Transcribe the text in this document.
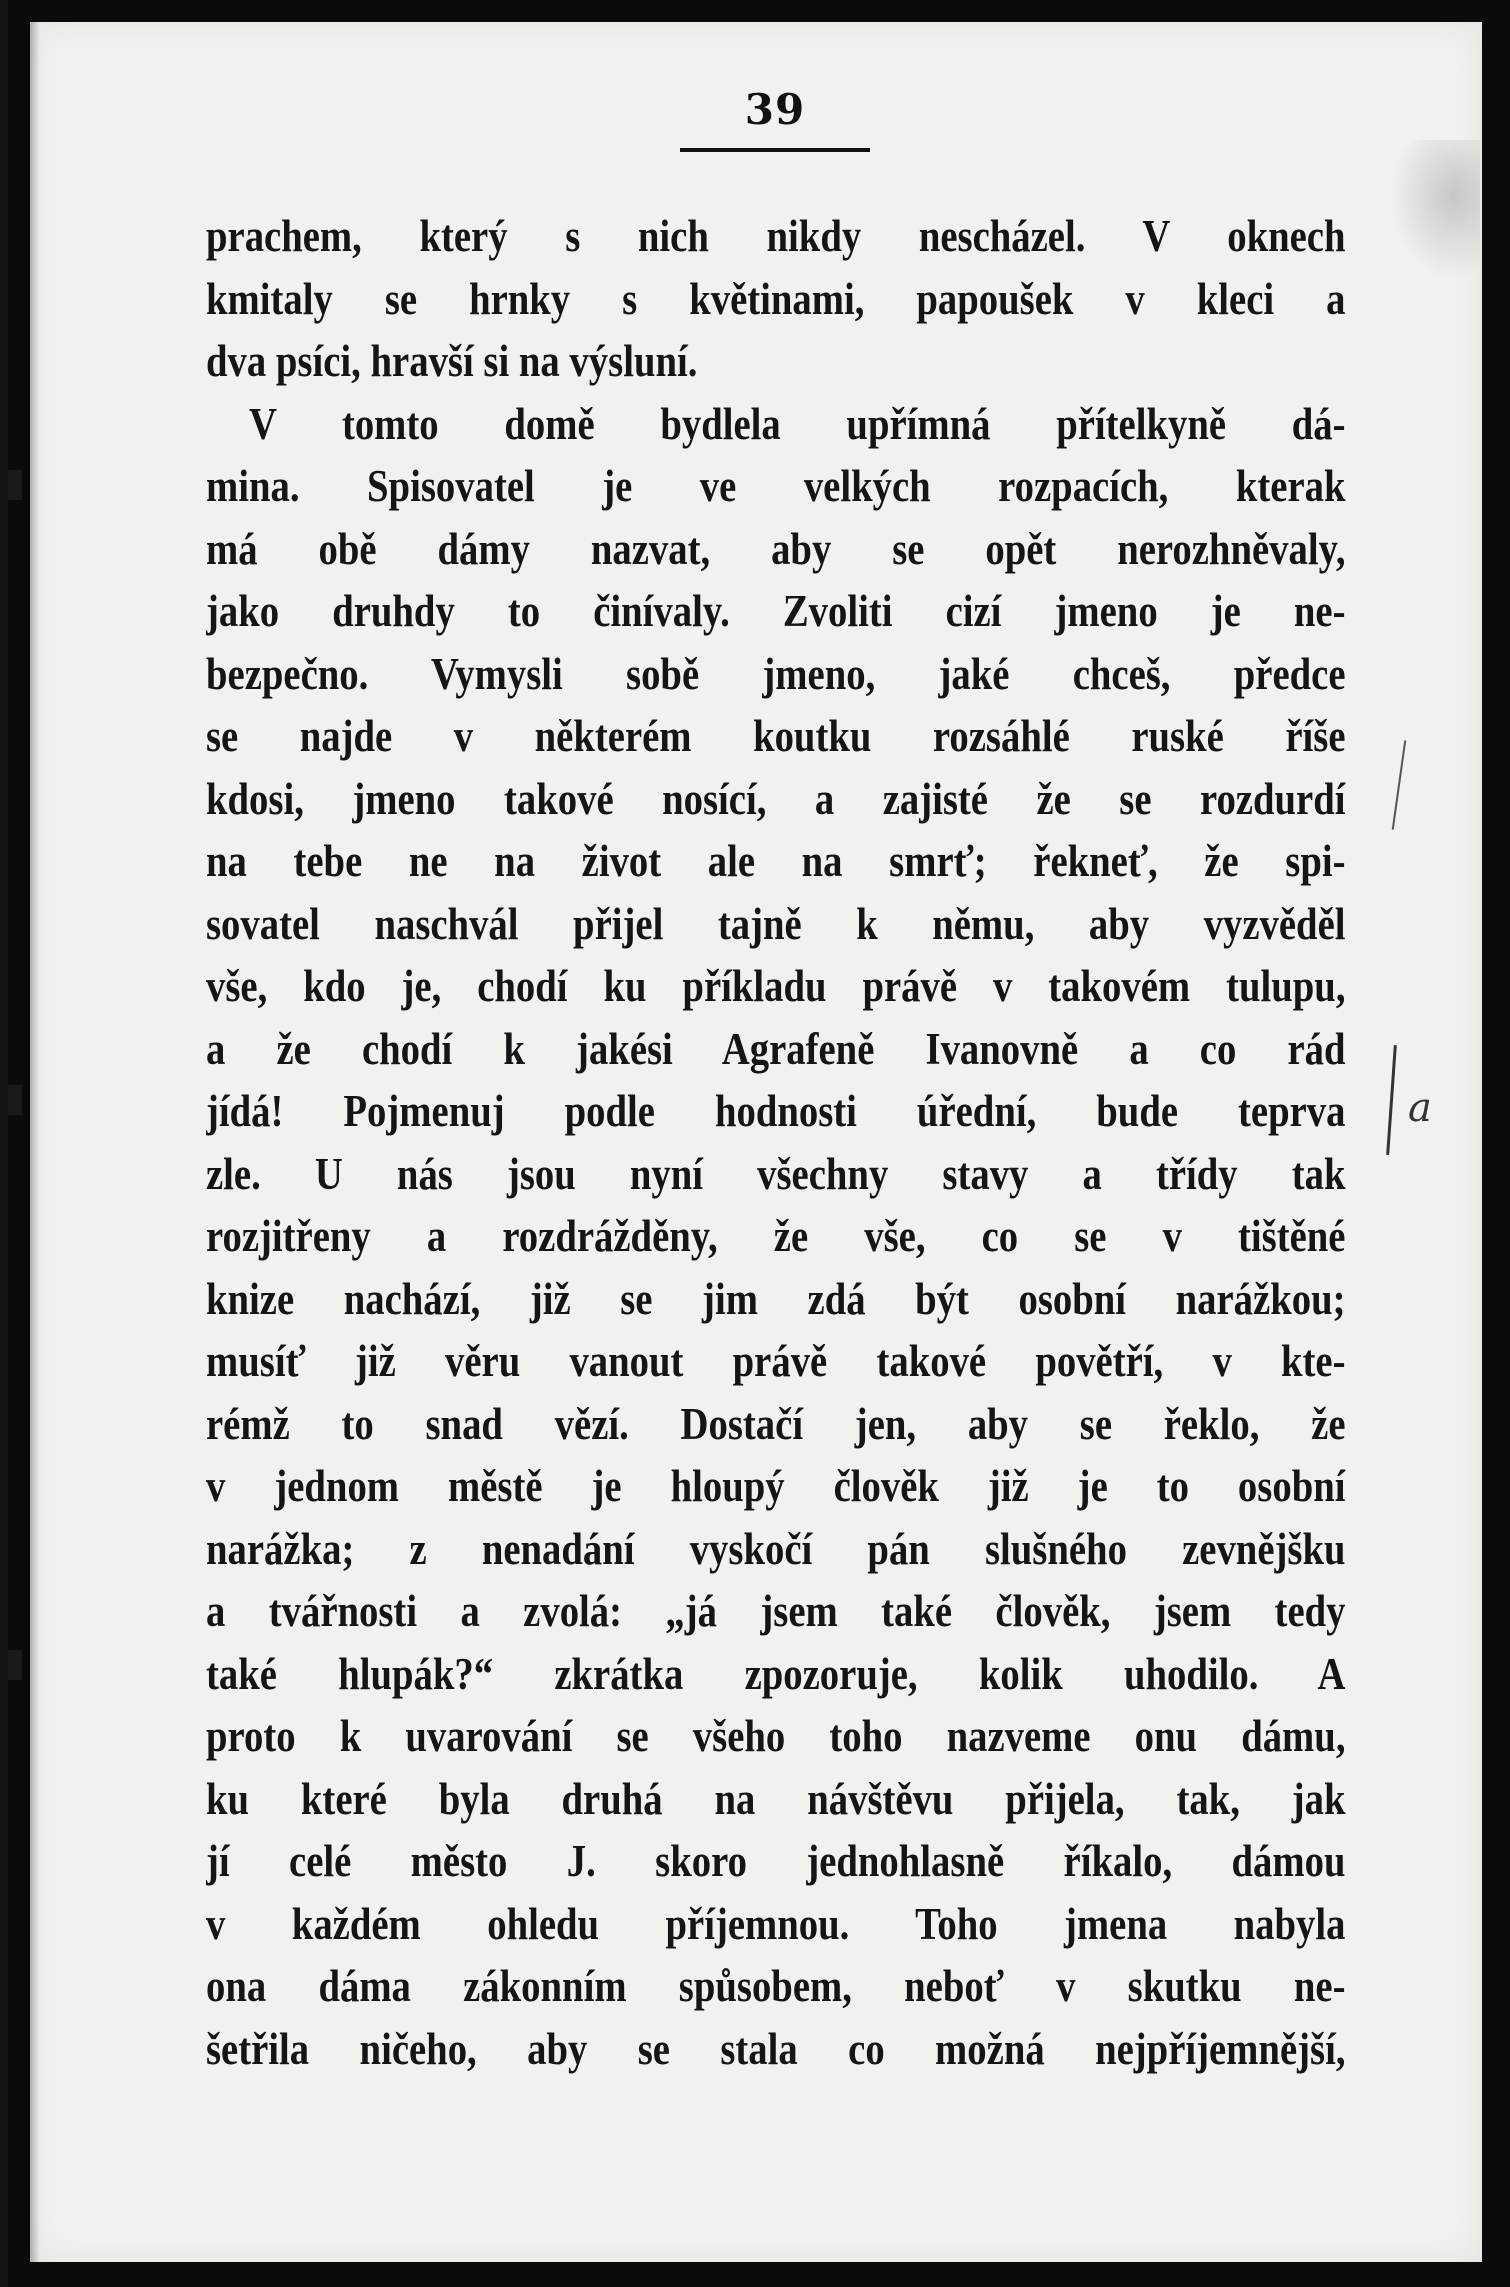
39
prachem, který s nich nikdy nescházel. V oknech
kmitaly se hrnky s květinami, papoušek v kleci a
dva psíci, hravší si na výsluní.
V tomto domě bydlela upřímná přítelkyně dá-
mina. Spisovatel je ve velkých rozpacích, kterak
má obě dámy nazvat, aby se opět nerozhněvaly,
jako druhdy to činívaly. Zvoliti cizí jmeno je ne-
bezpečno. Vymysli sobě jmeno, jaké chceš, předce
se najde v některém koutku rozsáhlé ruské říše
kdosi, jmeno takové nosící, a zajisté že se rozdurdí
na tebe ne na život ale na smrť; řekneť, že spi-
sovatel naschvál přijel tajně k němu, aby vyzvěděl
vše, kdo je, chodí ku příkladu právě v takovém tulupu,
a že chodí k jakési Agrafeně Ivanovně a co rád
jídá! Pojmenuj podle hodnosti úřední, bude teprva
zle. U nás jsou nyní všechny stavy a třídy tak
rozjitřeny a rozdrážděny, že vše, co se v tištěné
knize nachází, již se jim zdá být osobní narážkou;
musíť již věru vanout právě takové povětří, v kte-
rémž to snad vězí. Dostačí jen, aby se řeklo, že
v jednom městě je hloupý člověk již je to osobní
narážka; z nenadání vyskočí pán slušného zevnějšku
a tvářnosti a zvolá: „já jsem také člověk, jsem tedy
také hlupák?“ zkrátka zpozoruje, kolik uhodilo. A
proto k uvarování se všeho toho nazveme onu dámu,
ku které byla druhá na návštěvu přijela, tak, jak
jí celé město J. skoro jednohlasně říkalo, dámou
v každém ohledu příjemnou. Toho jmena nabyla
ona dáma zákonním spůsobem, neboť v skutku ne-
šetřila ničeho, aby se stala co možná nejpříjemnější,
a
